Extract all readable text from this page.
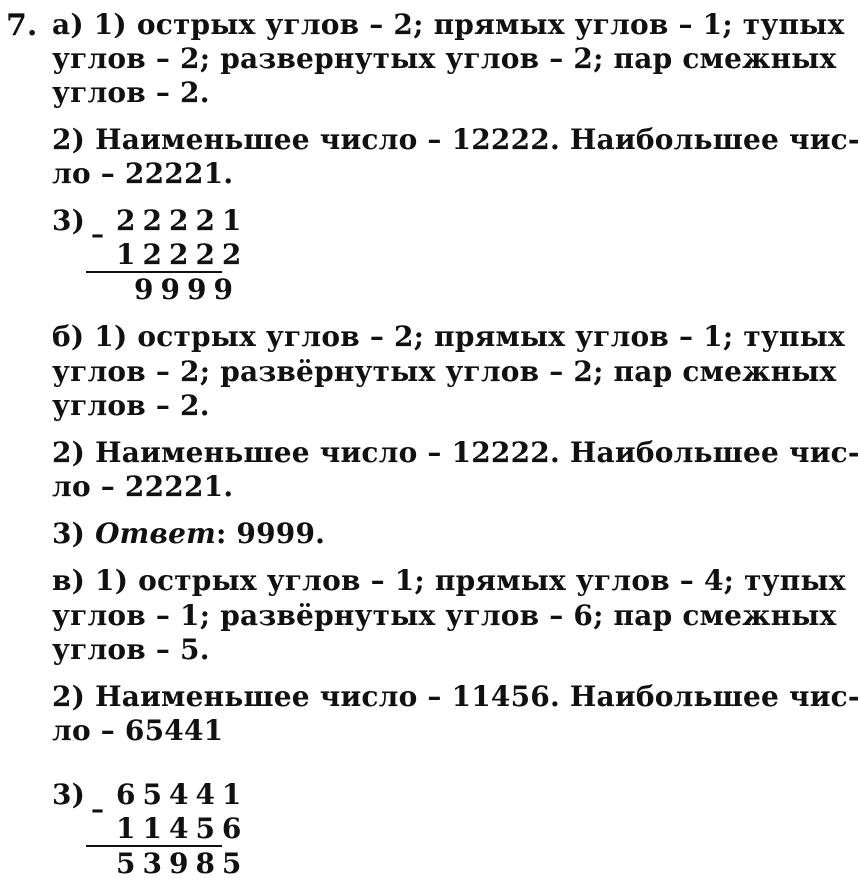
7. а) 1) острых углов – 2; прямых углов – 1; тупых
углов – 2; развернутых углов – 2; пар смежных
углов – 2.
2) Наименьшее число – 12222. Наибольшее чис-
ло – 22221.
3) 22221
–
12222
9999
б) 1) острых углов – 2; прямых углов – 1; тупых
углов – 2; развёрнутых углов – 2; пар смежных
углов – 2.
2) Наименьшее число – 12222. Наибольшее чис-
ло – 22221.
3) Ответ: 9999.
в) 1) острых углов – 1; прямых углов – 4; тупых
углов – 1; развёрнутых углов – 6; пар смежных
углов – 5.
2) Наименьшее число – 11456. Наибольшее чис-
ло – 65441
3) 65441
–
11456
53985
